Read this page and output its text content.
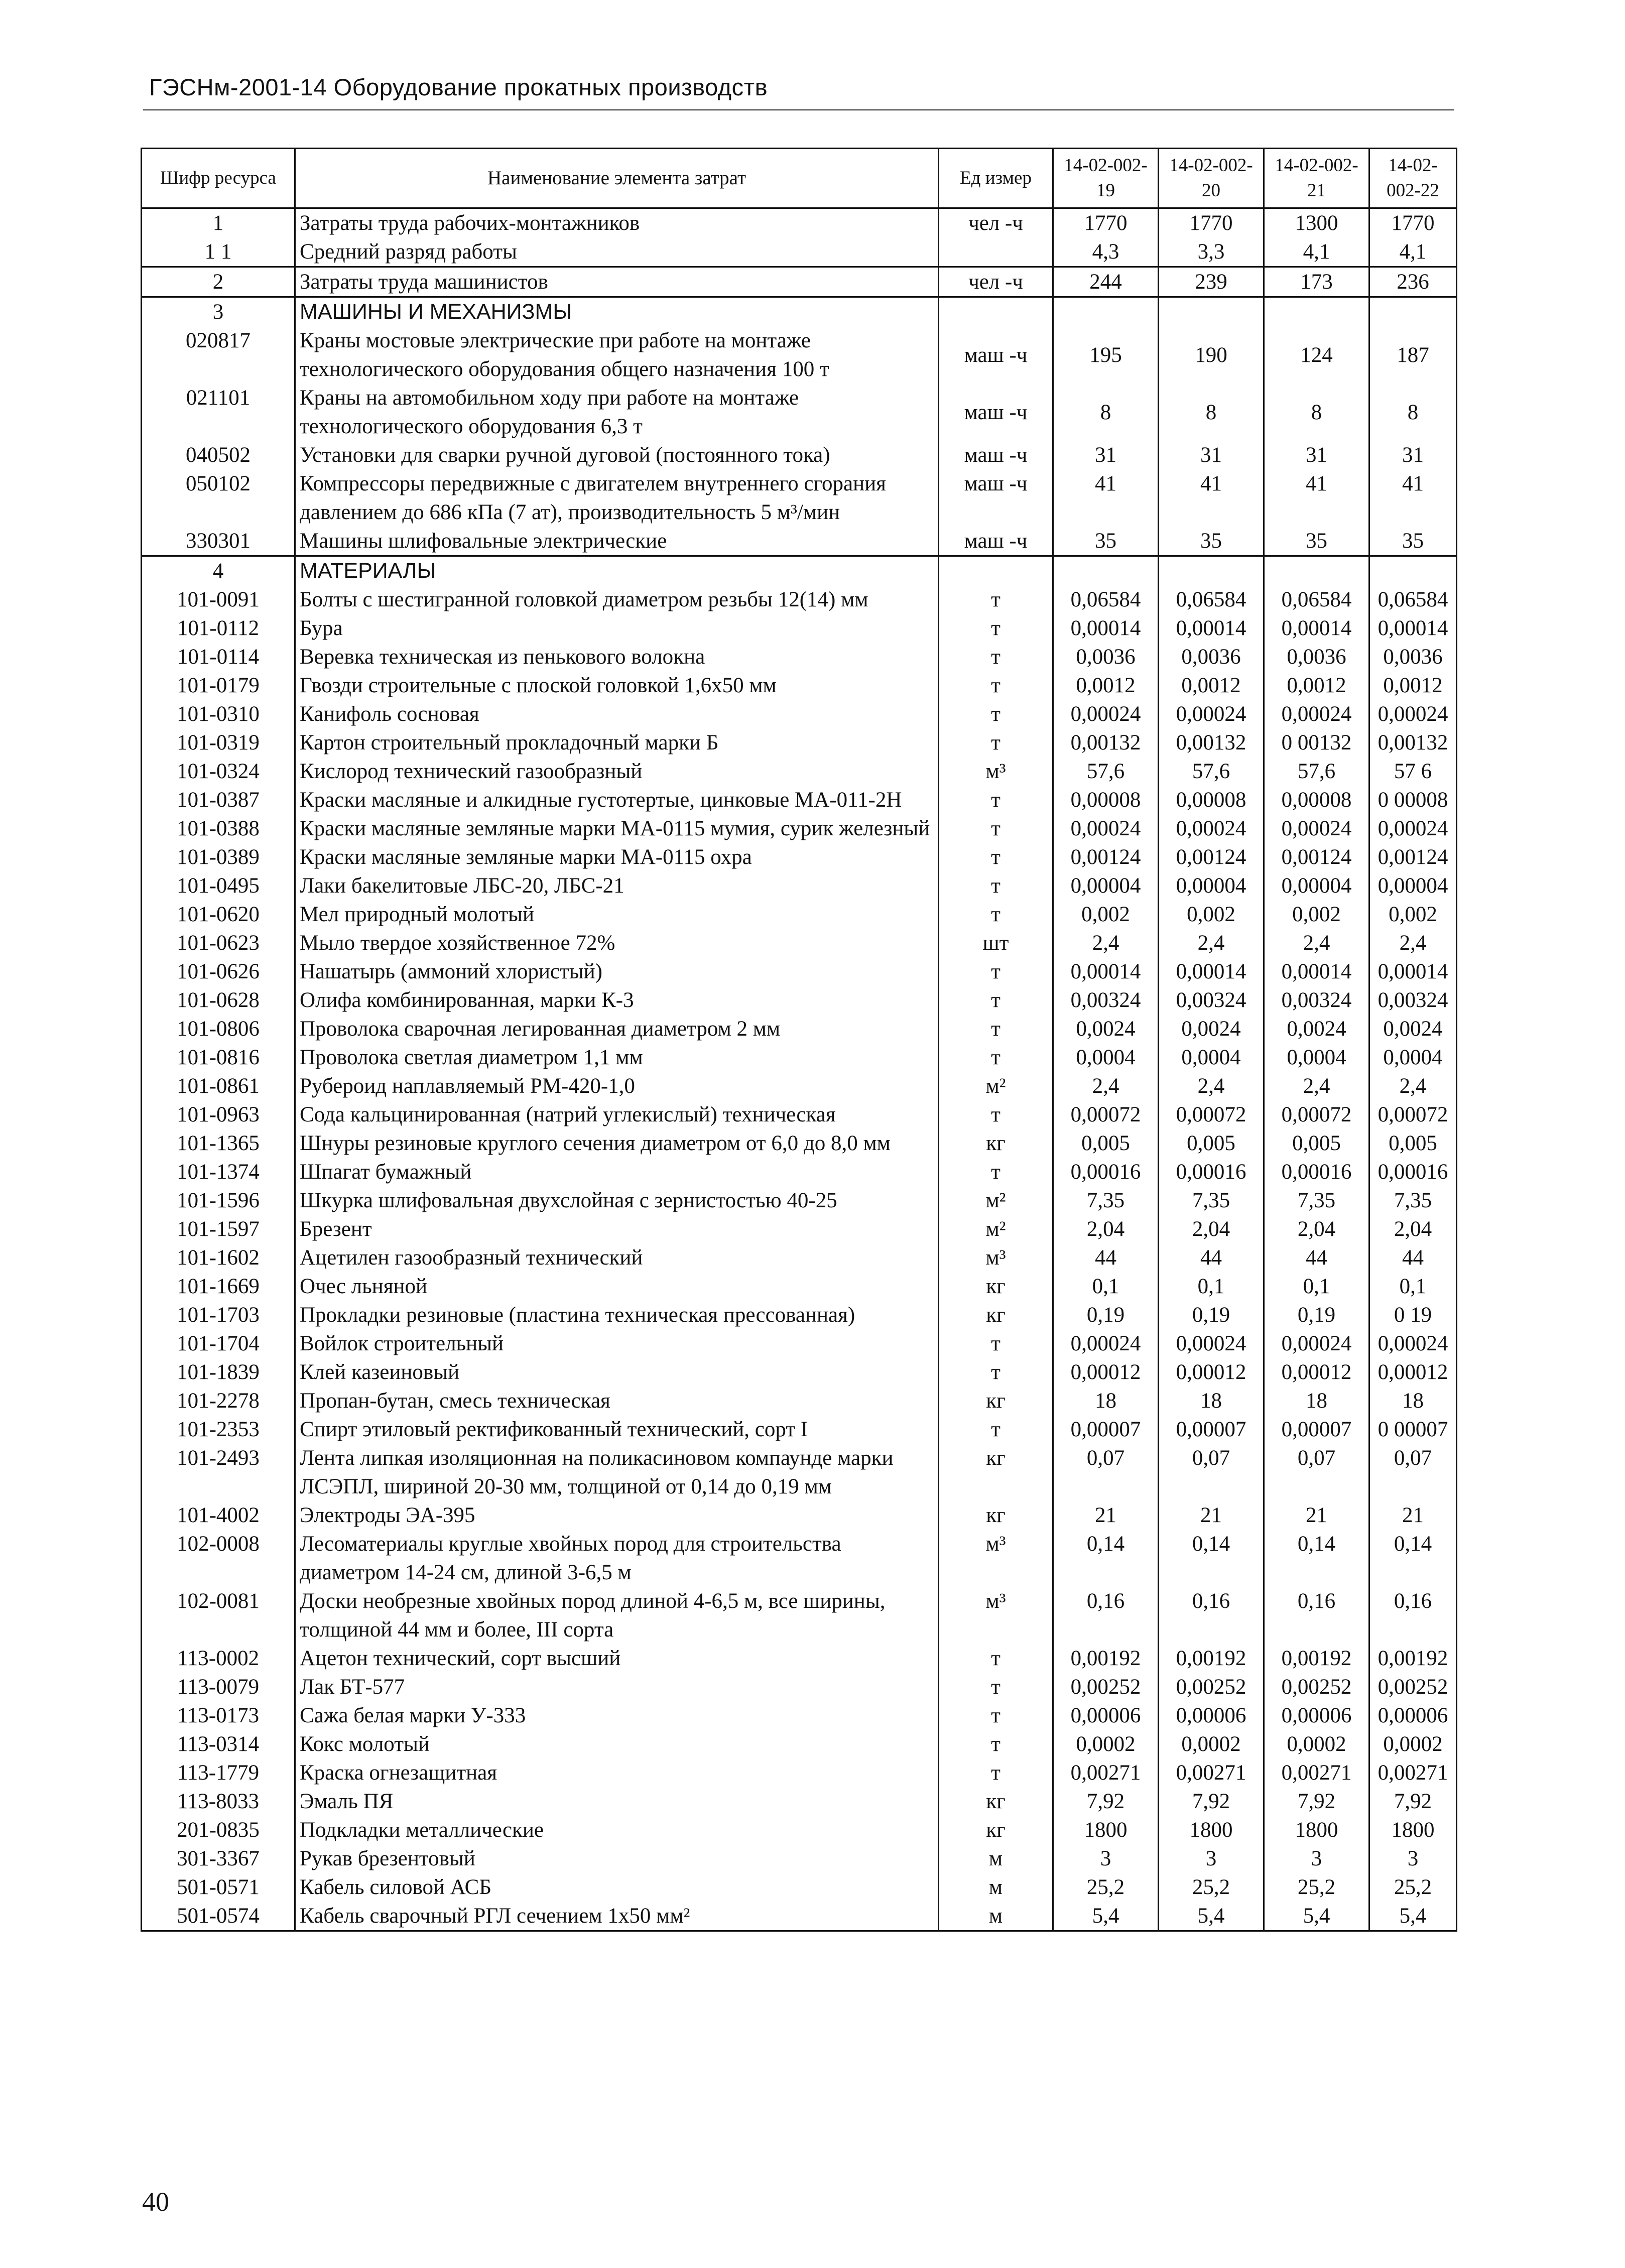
ГЭСНм-2001-14 Оборудование прокатных производств
Шифр ресурса	Наименование элемента затрат	Ед измер	14-02-002-19	14-02-002-20	14-02-002-21	14-02-002-22
1	Затраты труда рабочих-монтажников	чел -ч	1770	1770	1300	1770
1 1	Средний разряд работы		4,3	3,3	4,1	4,1
2	Затраты труда машинистов	чел -ч	244	239	173	236
3	МАШИНЫ И МЕХАНИЗМЫ					
020817	Краны мостовые электрические при работе на монтаже технологического оборудования общего назначения 100 т	маш -ч	195	190	124	187
021101	Краны на автомобильном ходу при работе на монтаже технологического оборудования 6,3 т	маш -ч	8	8	8	8
040502	Установки для сварки ручной дуговой (постоянного тока)	маш -ч	31	31	31	31
050102	Компрессоры передвижные с двигателем внутреннего сгорания давлением до 686 кПа (7 ат), производительность 5 м³/мин	маш -ч	41	41	41	41
330301	Машины шлифовальные электрические	маш -ч	35	35	35	35
4	МАТЕРИАЛЫ					
101-0091	Болты с шестигранной головкой диаметром резьбы 12(14) мм	т	0,06584	0,06584	0,06584	0,06584
101-0112	Бура	т	0,00014	0,00014	0,00014	0,00014
101-0114	Веревка техническая из пенькового волокна	т	0,0036	0,0036	0,0036	0,0036
101-0179	Гвозди строительные с плоской головкой 1,6x50 мм	т	0,0012	0,0012	0,0012	0,0012
101-0310	Канифоль сосновая	т	0,00024	0,00024	0,00024	0,00024
101-0319	Картон строительный прокладочный марки Б	т	0,00132	0,00132	0 00132	0,00132
101-0324	Кислород технический газообразный	м³	57,6	57,6	57,6	57 6
101-0387	Краски масляные и алкидные густотертые, цинковые МА-011-2Н	т	0,00008	0,00008	0,00008	0 00008
101-0388	Краски масляные земляные марки МА-0115 мумия, сурик железный	т	0,00024	0,00024	0,00024	0,00024
101-0389	Краски масляные земляные марки МА-0115 охра	т	0,00124	0,00124	0,00124	0,00124
101-0495	Лаки бакелитовые ЛБС-20, ЛБС-21	т	0,00004	0,00004	0,00004	0,00004
101-0620	Мел природный молотый	т	0,002	0,002	0,002	0,002
101-0623	Мыло твердое хозяйственное 72%	шт	2,4	2,4	2,4	2,4
101-0626	Нашатырь (аммоний хлористый)	т	0,00014	0,00014	0,00014	0,00014
101-0628	Олифа комбинированная, марки К-3	т	0,00324	0,00324	0,00324	0,00324
101-0806	Проволока сварочная легированная диаметром 2 мм	т	0,0024	0,0024	0,0024	0,0024
101-0816	Проволока светлая диаметром 1,1 мм	т	0,0004	0,0004	0,0004	0,0004
101-0861	Рубероид наплавляемый РМ-420-1,0	м²	2,4	2,4	2,4	2,4
101-0963	Сода кальцинированная (натрий углекислый) техническая	т	0,00072	0,00072	0,00072	0,00072
101-1365	Шнуры резиновые круглого сечения диаметром от 6,0 до 8,0 мм	кг	0,005	0,005	0,005	0,005
101-1374	Шпагат бумажный	т	0,00016	0,00016	0,00016	0,00016
101-1596	Шкурка шлифовальная двухслойная с зернистостью 40-25	м²	7,35	7,35	7,35	7,35
101-1597	Брезент	м²	2,04	2,04	2,04	2,04
101-1602	Ацетилен газообразный технический	м³	44	44	44	44
101-1669	Очес льняной	кг	0,1	0,1	0,1	0,1
101-1703	Прокладки резиновые (пластина техническая прессованная)	кг	0,19	0,19	0,19	0 19
101-1704	Войлок строительный	т	0,00024	0,00024	0,00024	0,00024
101-1839	Клей казеиновый	т	0,00012	0,00012	0,00012	0,00012
101-2278	Пропан-бутан, смесь техническая	кг	18	18	18	18
101-2353	Спирт этиловый ректификованный технический, сорт I	т	0,00007	0,00007	0,00007	0 00007
101-2493	Лента липкая изоляционная на поликасиновом компаунде марки ЛСЭПЛ, шириной 20-30 мм, толщиной от 0,14 до 0,19 мм	кг	0,07	0,07	0,07	0,07
101-4002	Электроды ЭА-395	кг	21	21	21	21
102-0008	Лесоматериалы круглые хвойных пород для строительства диаметром 14-24 см, длиной 3-6,5 м	м³	0,14	0,14	0,14	0,14
102-0081	Доски необрезные хвойных пород длиной 4-6,5 м, все ширины, толщиной 44 мм и более, III сорта	м³	0,16	0,16	0,16	0,16
113-0002	Ацетон технический, сорт высший	т	0,00192	0,00192	0,00192	0,00192
113-0079	Лак БТ-577	т	0,00252	0,00252	0,00252	0,00252
113-0173	Сажа белая марки У-333	т	0,00006	0,00006	0,00006	0,00006
113-0314	Кокс молотый	т	0,0002	0,0002	0,0002	0,0002
113-1779	Краска огнезащитная	т	0,00271	0,00271	0,00271	0,00271
113-8033	Эмаль ПЯ	кг	7,92	7,92	7,92	7,92
201-0835	Подкладки металлические	кг	1800	1800	1800	1800
301-3367	Рукав брезентовый	м	3	3	3	3
501-0571	Кабель силовой АСБ	м	25,2	25,2	25,2	25,2
501-0574	Кабель сварочный РГЛ сечением 1x50 мм²	м	5,4	5,4	5,4	5,4
40
